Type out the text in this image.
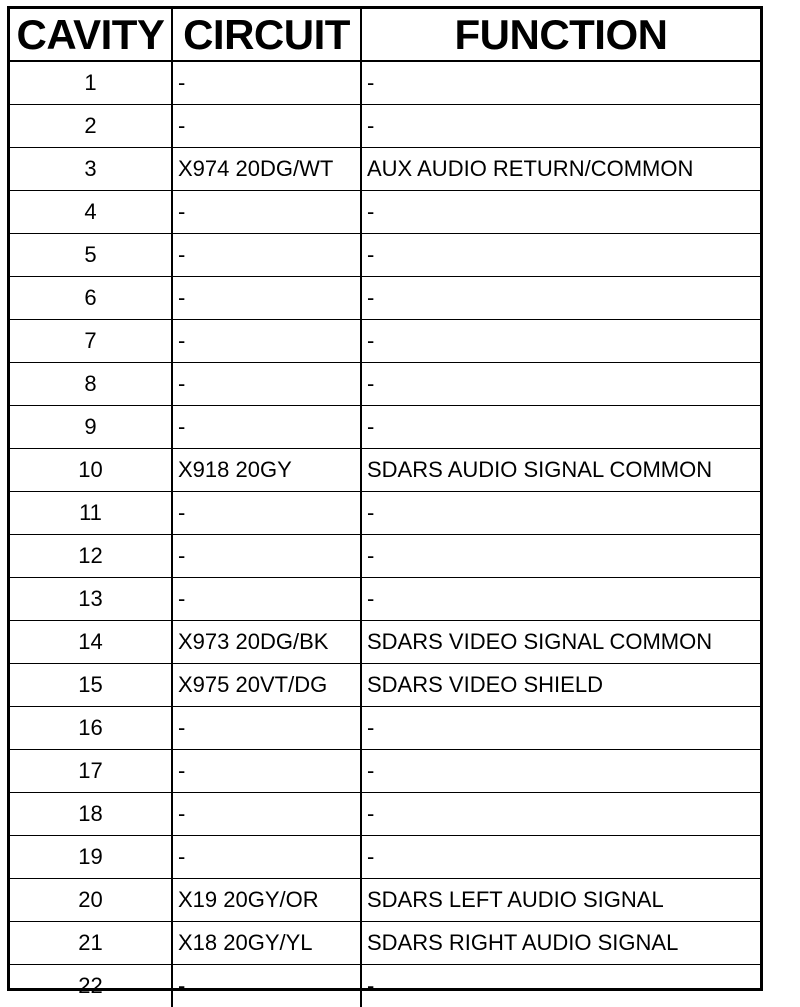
CAVITY	CIRCUIT	FUNCTION
1	-	-
2	-	-
3	X974 20DG/WT	AUX AUDIO RETURN/COMMON
4	-	-
5	-	-
6	-	-
7	-	-
8	-	-
9	-	-
10	X918 20GY	SDARS AUDIO SIGNAL COMMON
11	-	-
12	-	-
13	-	-
14	X973 20DG/BK	SDARS VIDEO SIGNAL COMMON
15	X975 20VT/DG	SDARS VIDEO SHIELD
16	-	-
17	-	-
18	-	-
19	-	-
20	X19 20GY/OR	SDARS LEFT AUDIO SIGNAL
21	X18 20GY/YL	SDARS RIGHT AUDIO SIGNAL
22	-	-
